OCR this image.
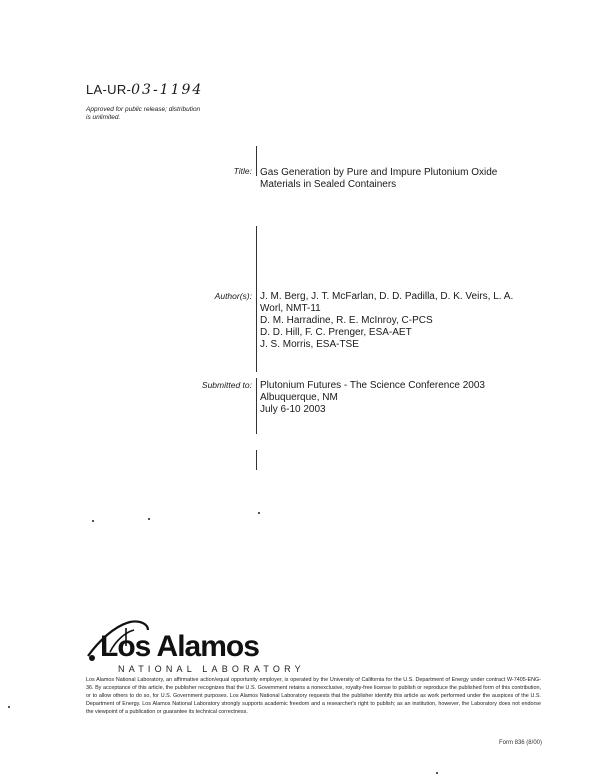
LA-UR-03-1194
Approved for public release; distribution is unlimited.
Title:
Author(s):
Submitted to:
Gas Generation by Pure and Impure Plutonium Oxide
Materials in Sealed Containers
J. M. Berg, J. T. McFarlan, D. D. Padilla, D. K. Veirs, L. A.
Worl, NMT-11
D. M. Harradine, R. E. McInroy, C-PCS
D. D. Hill, F. C. Prenger, ESA-AET
J. S. Morris, ESA-TSE
Plutonium Futures - The Science Conference 2003
Albuquerque, NM
July 6-10 2003
Los Alamos
NATIONAL LABORATORY
Los Alamos National Laboratory, an affirmative action/equal opportunity employer, is operated by the University of California for the U.S. Department of Energy under contract W-7405-ENG-36. By acceptance of this article, the publisher recognizes that the U.S. Government retains a nonexclusive, royalty-free license to publish or reproduce the published form of this contribution, or to allow others to do so, for U.S. Government purposes. Los Alamos National Laboratory requests that the publisher identify this article as work performed under the auspices of the U.S. Department of Energy. Los Alamos National Laboratory strongly supports academic freedom and a researcher's right to publish; as an institution, however, the Laboratory does not endorse the viewpoint of a publication or guarantee its technical correctness.
Form 836 (8/00)
